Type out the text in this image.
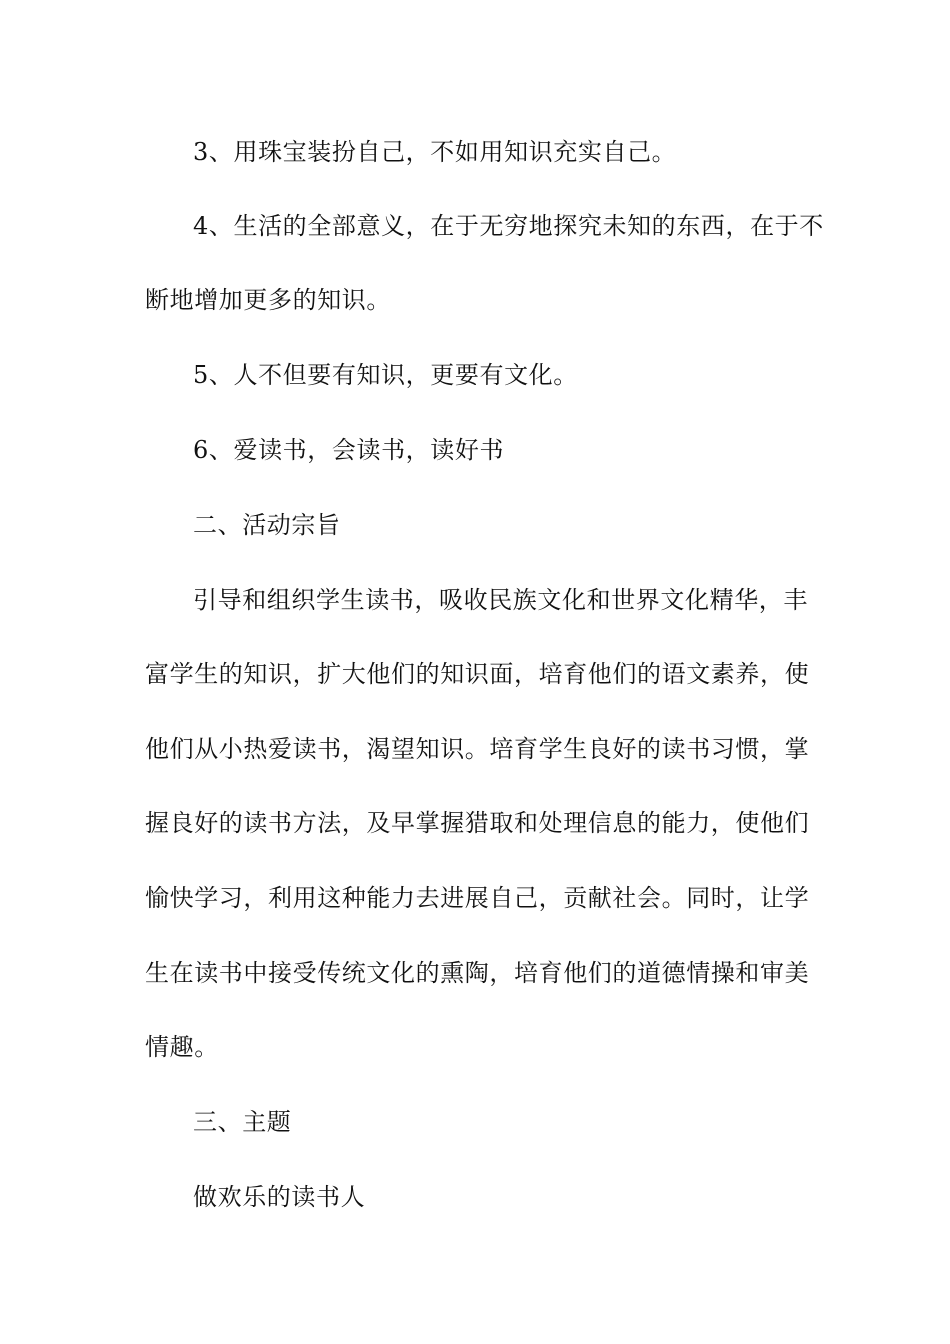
3、用珠宝装扮自己，不如用知识充实自己。
4、生活的全部意义，在于无穷地探究未知的东西，在于不
断地增加更多的知识。
5、人不但要有知识，更要有文化。
6、爱读书，会读书，读好书
二、活动宗旨
引导和组织学生读书，吸收民族文化和世界文化精华，丰
富学生的知识，扩大他们的知识面，培育他们的语文素养，使
他们从小热爱读书，渴望知识。培育学生良好的读书习惯，掌
握良好的读书方法，及早掌握猎取和处理信息的能力，使他们
愉快学习，利用这种能力去进展自己，贡献社会。同时，让学
生在读书中接受传统文化的熏陶，培育他们的道德情操和审美
情趣。
三、主题
做欢乐的读书人
